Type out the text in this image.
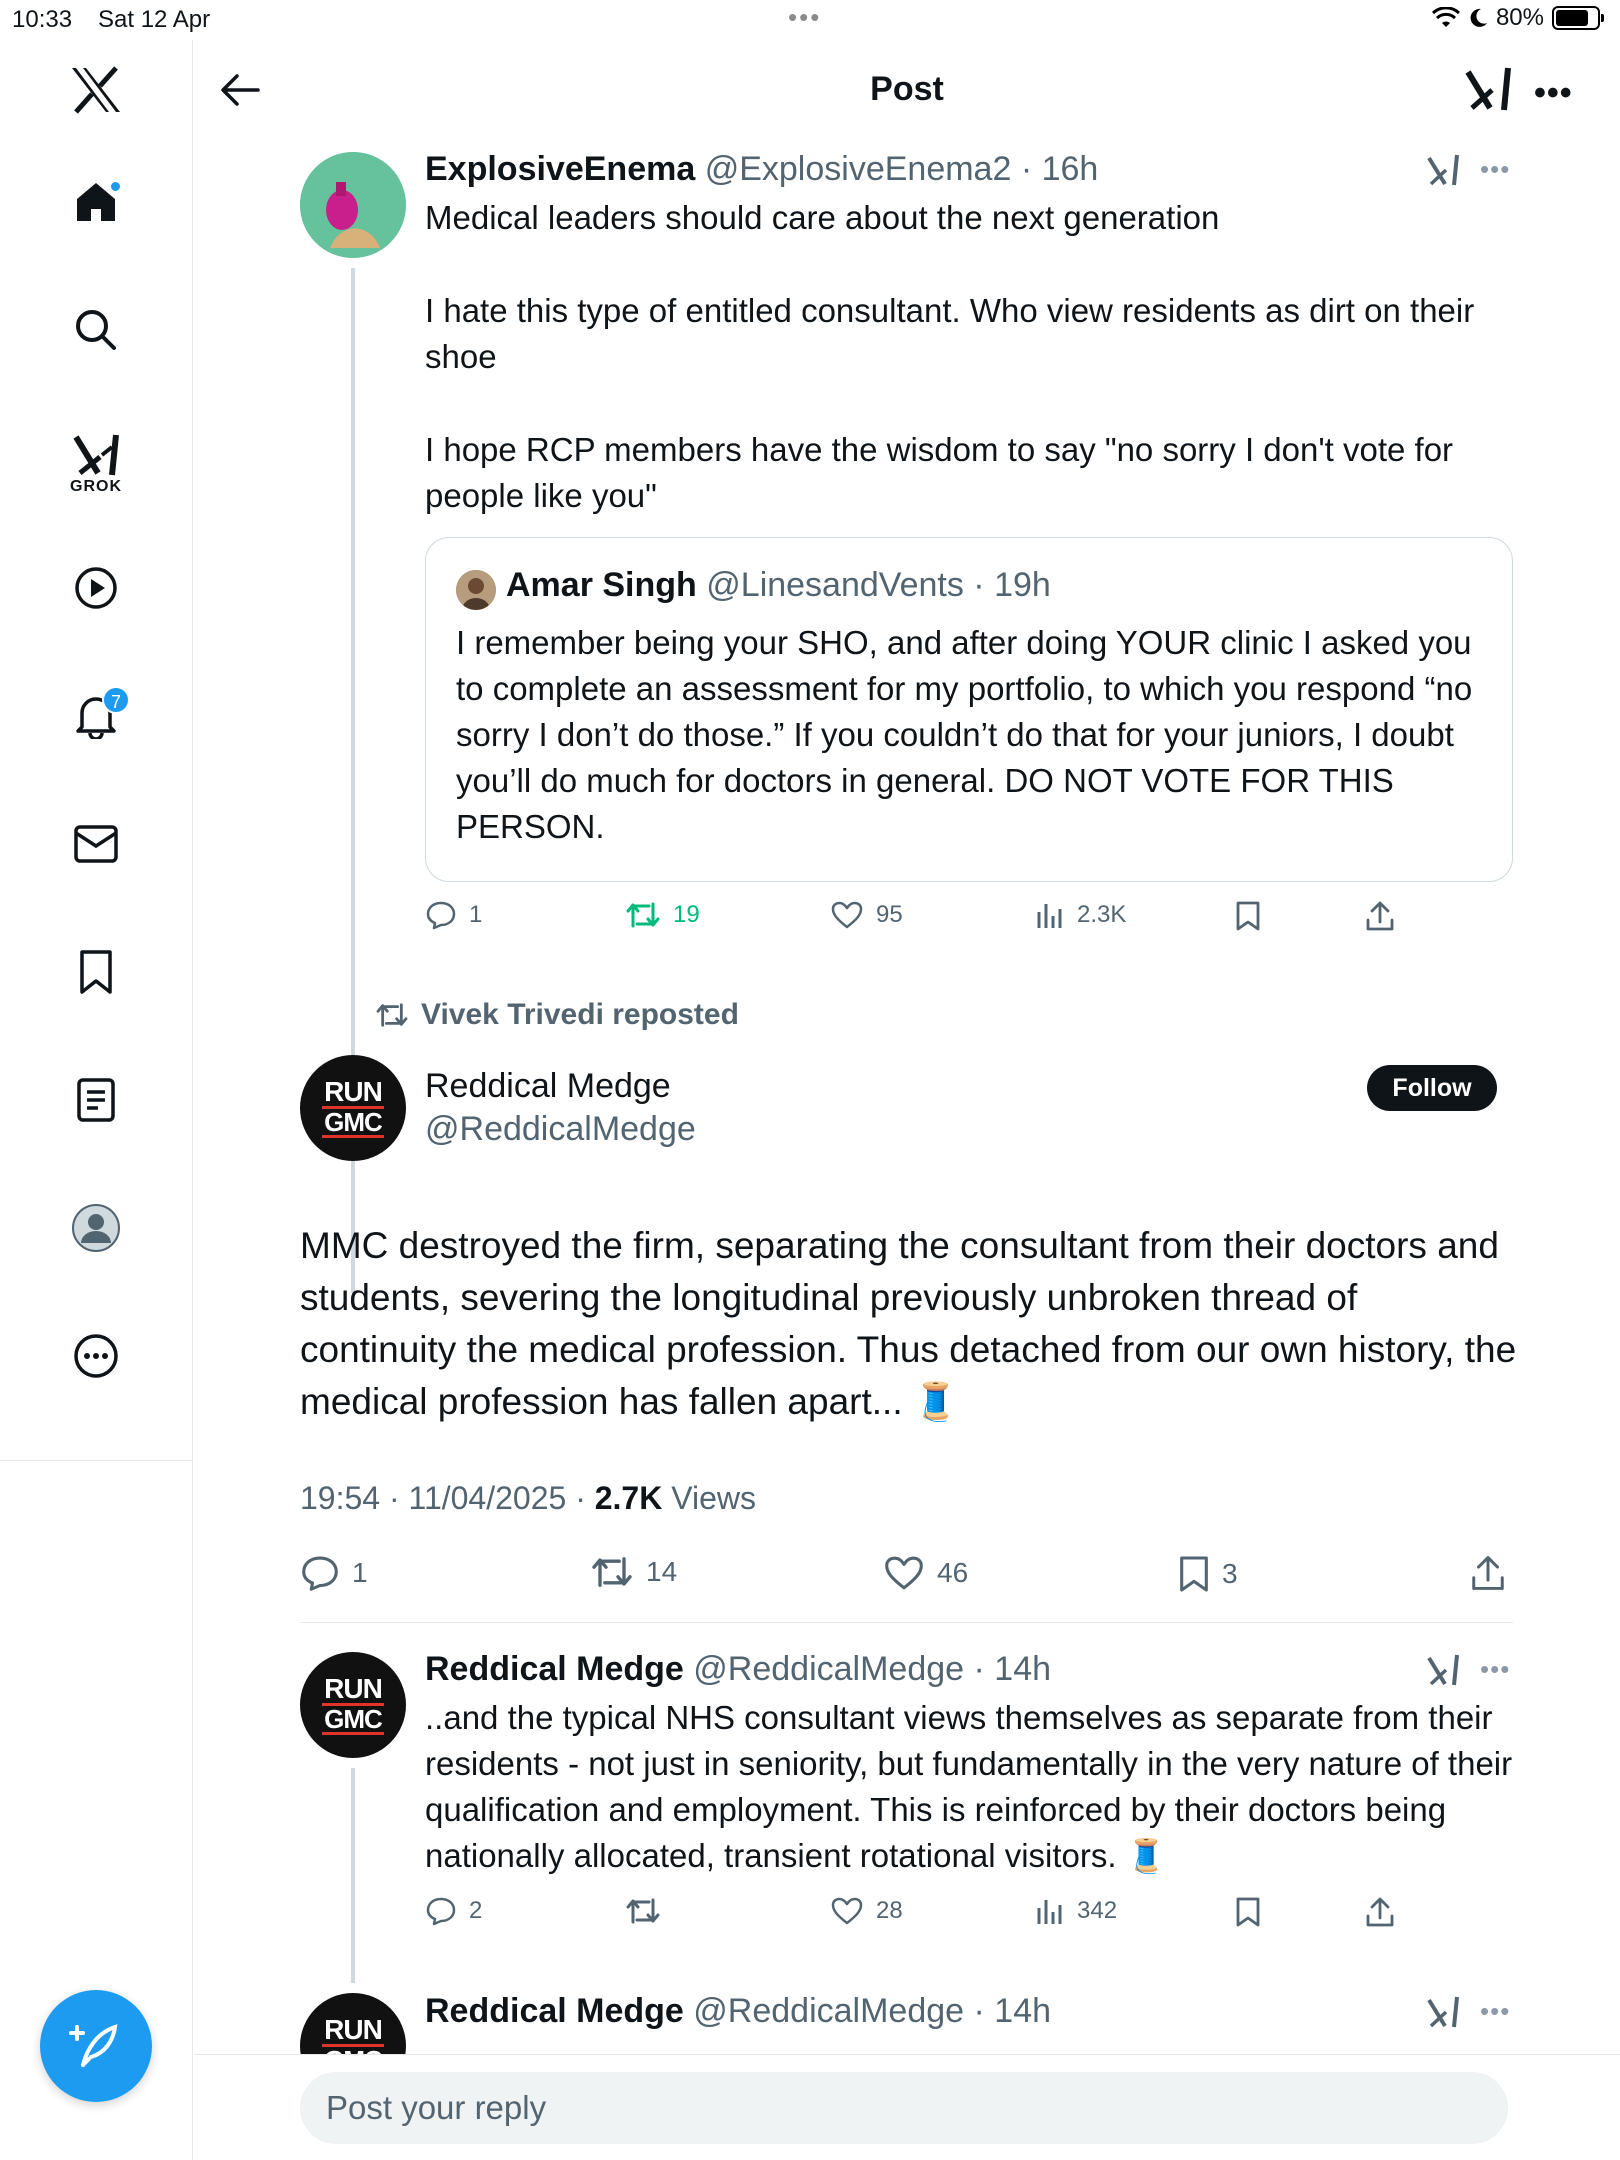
10:33 Sat 12 Apr	•••	80%
GROK
7
Post	•••
ExplosiveEnema @ExplosiveEnema2 · 16h	•••
Medical leaders should care about the next generation
I hate this type of entitled consultant. Who view residents as dirt on their shoe
I hope RCP members have the wisdom to say "no sorry I don't vote for people like you"
Amar Singh @LinesandVents · 19h
I remember being your SHO, and after doing YOUR clinic I asked you to complete an assessment for my portfolio, to which you respond “no sorry I don’t do those.” If you couldn’t do that for your juniors, I doubt you’ll do much for doctors in general. DO NOT VOTE FOR THIS PERSON.
1	19	95	2.3K
Vivek Trivedi reposted
RUN
GMC
Reddical Medge
@ReddicalMedge
Follow
MMC destroyed the firm, separating the consultant from their doctors and students, severing the longitudinal previously unbroken thread of continuity the medical profession. Thus detached from our own history, the medical profession has fallen apart... 🧵
19:54 · 11/04/2025 · 2.7K Views
1	14	46	3
RUN
GMC
Reddical Medge @ReddicalMedge · 14h	•••
..and the typical NHS consultant views themselves as separate from their residents - not just in seniority, but fundamentally in the very nature of their qualification and employment. This is reinforced by their doctors being nationally allocated, transient rotational visitors. 🧵
2	28	342
RUN Reddical Medge @ReddicalMedge · 14h	•••
Post your reply
